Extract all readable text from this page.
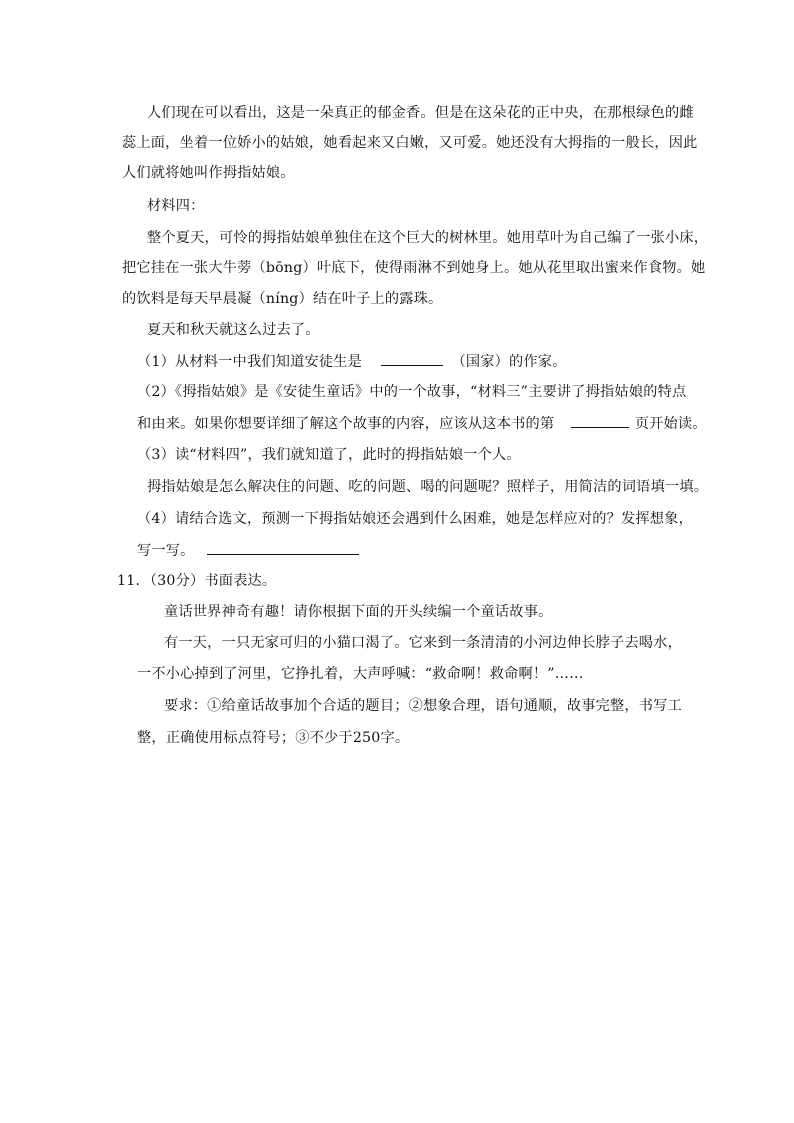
人们现在可以看出，这是一朵真正的郁金香。但是在这朵花的正中央，在那根绿色的雌
蕊上面，坐着一位娇小的姑娘，她看起来又白嫩，又可爱。她还没有大拇指的一般长，因此
人们就将她叫作拇指姑娘。
材料四：
整个夏天，可怜的拇指姑娘单独住在这个巨大的树林里。她用草叶为自己编了一张小床，
把它挂在一张大牛蒡（bōng）叶底下，使得雨淋不到她身上。她从花里取出蜜来作食物。她
的饮料是每天早晨凝（níng）结在叶子上的露珠。
夏天和秋天就这么过去了。
（1）从材料一中我们知道安徒生是	（国家）的作家。
（2）《拇指姑娘》是《安徒生童话》中的一个故事，“材料三”主要讲了拇指姑娘的特点
和由来。如果你想要详细了解这个故事的内容，应该从这本书的第	页开始读。
（3）读“材料四”，我们就知道了，此时的拇指姑娘一个人。
拇指姑娘是怎么解决住的问题、吃的问题、喝的问题呢？照样子，用简洁的词语填一填。
（4）请结合选文，预测一下拇指姑娘还会遇到什么困难，她是怎样应对的？发挥想象，
写一写。
11．（30分）书面表达。
童话世界神奇有趣！请你根据下面的开头续编一个童话故事。
有一天，一只无家可归的小猫口渴了。它来到一条清清的小河边伸长脖子去喝水，
一不小心掉到了河里，它挣扎着，大声呼喊：“救命啊！救命啊！”……
要求：①给童话故事加个合适的题目；②想象合理，语句通顺，故事完整，书写工
整，正确使用标点符号；③不少于250字。
